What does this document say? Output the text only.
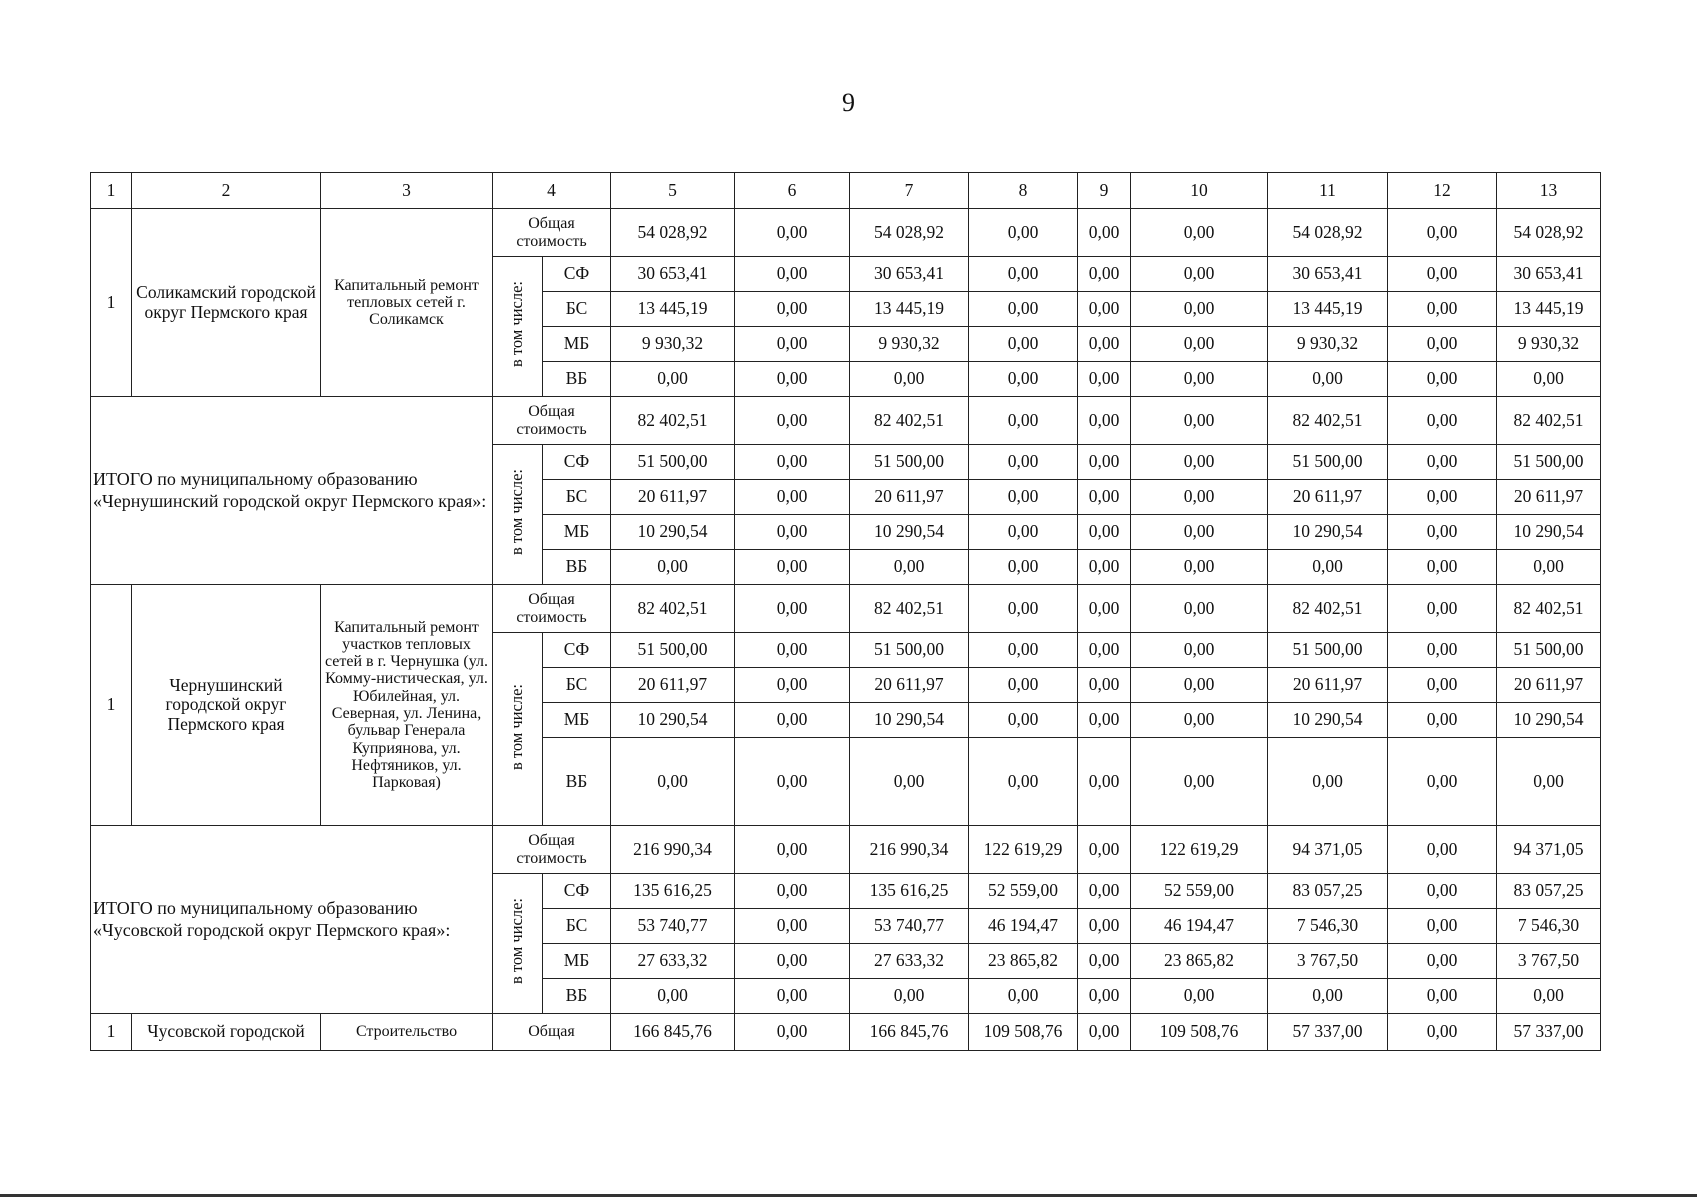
9
1	2	3	4		5	6	7	8	9	10	11	12	13
1	Соликамский городской округ Пермского края	Капитальный ремонт тепловых сетей г. Соликамск	Общая стоимость		54 028,92	0,00	54 028,92	0,00	0,00	0,00	54 028,92	0,00	54 028,92
			в том числе:	СФ	30 653,41	0,00	30 653,41	0,00	0,00	0,00	30 653,41	0,00	30 653,41
				БС	13 445,19	0,00	13 445,19	0,00	0,00	0,00	13 445,19	0,00	13 445,19
				МБ	9 930,32	0,00	9 930,32	0,00	0,00	0,00	9 930,32	0,00	9 930,32
				ВБ	0,00	0,00	0,00	0,00	0,00	0,00	0,00	0,00	0,00
ИТОГО по муниципальному образованию «Чернушинский городской округ Пермского края»:			Общая стоимость		82 402,51	0,00	82 402,51	0,00	0,00	0,00	82 402,51	0,00	82 402,51
			в том числе:	СФ	51 500,00	0,00	51 500,00	0,00	0,00	0,00	51 500,00	0,00	51 500,00
				БС	20 611,97	0,00	20 611,97	0,00	0,00	0,00	20 611,97	0,00	20 611,97
				МБ	10 290,54	0,00	10 290,54	0,00	0,00	0,00	10 290,54	0,00	10 290,54
				ВБ	0,00	0,00	0,00	0,00	0,00	0,00	0,00	0,00	0,00
1	Чернушинский городской округ Пермского края	Капитальный ремонт участков тепловых сетей в г. Чернушка (ул. Комму-нистическая, ул. Юбилейная, ул. Северная, ул. Ленина, бульвар Генерала Куприянова, ул. Нефтяников, ул. Парковая)	Общая стоимость		82 402,51	0,00	82 402,51	0,00	0,00	0,00	82 402,51	0,00	82 402,51
			в том числе:	СФ	51 500,00	0,00	51 500,00	0,00	0,00	0,00	51 500,00	0,00	51 500,00
				БС	20 611,97	0,00	20 611,97	0,00	0,00	0,00	20 611,97	0,00	20 611,97
				МБ	10 290,54	0,00	10 290,54	0,00	0,00	0,00	10 290,54	0,00	10 290,54
				ВБ	0,00	0,00	0,00	0,00	0,00	0,00	0,00	0,00	0,00
ИТОГО по муниципальному образованию «Чусовской городской округ Пермского края»:			Общая стоимость		216 990,34	0,00	216 990,34	122 619,29	0,00	122 619,29	94 371,05	0,00	94 371,05
			в том числе:	СФ	135 616,25	0,00	135 616,25	52 559,00	0,00	52 559,00	83 057,25	0,00	83 057,25
				БС	53 740,77	0,00	53 740,77	46 194,47	0,00	46 194,47	7 546,30	0,00	7 546,30
				МБ	27 633,32	0,00	27 633,32	23 865,82	0,00	23 865,82	3 767,50	0,00	3 767,50
				ВБ	0,00	0,00	0,00	0,00	0,00	0,00	0,00	0,00	0,00
1	Чусовской городской	Строительство	Общая		166 845,76	0,00	166 845,76	109 508,76	0,00	109 508,76	57 337,00	0,00	57 337,00
